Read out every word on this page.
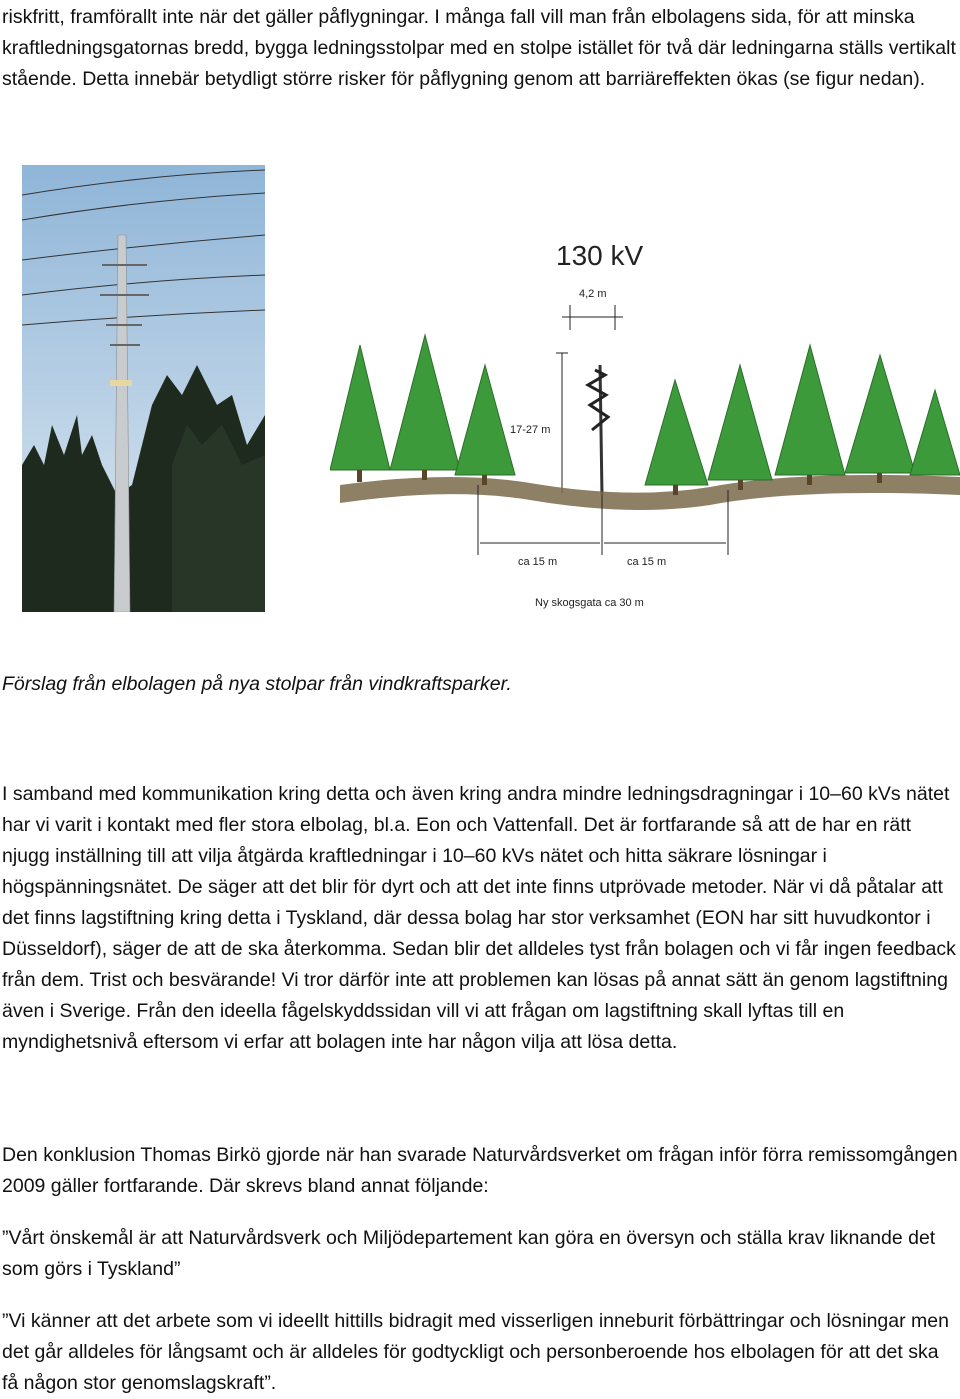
riskfritt, framförallt inte när det gäller påflygningar. I många fall vill man från elbolagens sida, för att minska kraftledningsgatornas bredd, bygga ledningsstolpar med en stolpe istället för två där ledningarna ställs vertikalt stående. Detta innebär betydligt större risker för påflygning genom att barriäreffekten ökas (se figur nedan).

130 kV
4,2 m
17-27 m
ca 15 m	ca 15 m
Ny skogsgata ca 30 m

Förslag från elbolagen på nya stolpar från vindkraftsparker.

I samband med kommunikation kring detta och även kring andra mindre ledningsdragningar i 10–60 kVs nätet har vi varit i kontakt med fler stora elbolag, bl.a. Eon och Vattenfall. Det är fortfarande så att de har en rätt njugg inställning till att vilja åtgärda kraftledningar i 10–60 kVs nätet och hitta säkrare lösningar i högspänningsnätet. De säger att det blir för dyrt och att det inte finns utprövade metoder. När vi då påtalar att det finns lagstiftning kring detta i Tyskland, där dessa bolag har stor verksamhet (EON har sitt huvudkontor i Düsseldorf), säger de att de ska återkomma. Sedan blir det alldeles tyst från bolagen och vi får ingen feedback från dem. Trist och besvärande! Vi tror därför inte att problemen kan lösas på annat sätt än genom lagstiftning även i Sverige. Från den ideella fågelskyddssidan vill vi att frågan om lagstiftning skall lyftas till en myndighetsnivå eftersom vi erfar att bolagen inte har någon vilja att lösa detta.

Den konklusion Thomas Birkö gjorde när han svarade Naturvårdsverket om frågan inför förra remissomgången 2009 gäller fortfarande. Där skrevs bland annat följande:

”Vårt önskemål är att Naturvårdsverk och Miljödepartement kan göra en översyn och ställa krav liknande det som görs i Tyskland”

”Vi känner att det arbete som vi ideellt hittills bidragit med visserligen inneburit förbättringar och lösningar men det går alldeles för långsamt och är alldeles för godtyckligt och personberoende hos elbolagen för att det ska få någon stor genomslagskraft”.
